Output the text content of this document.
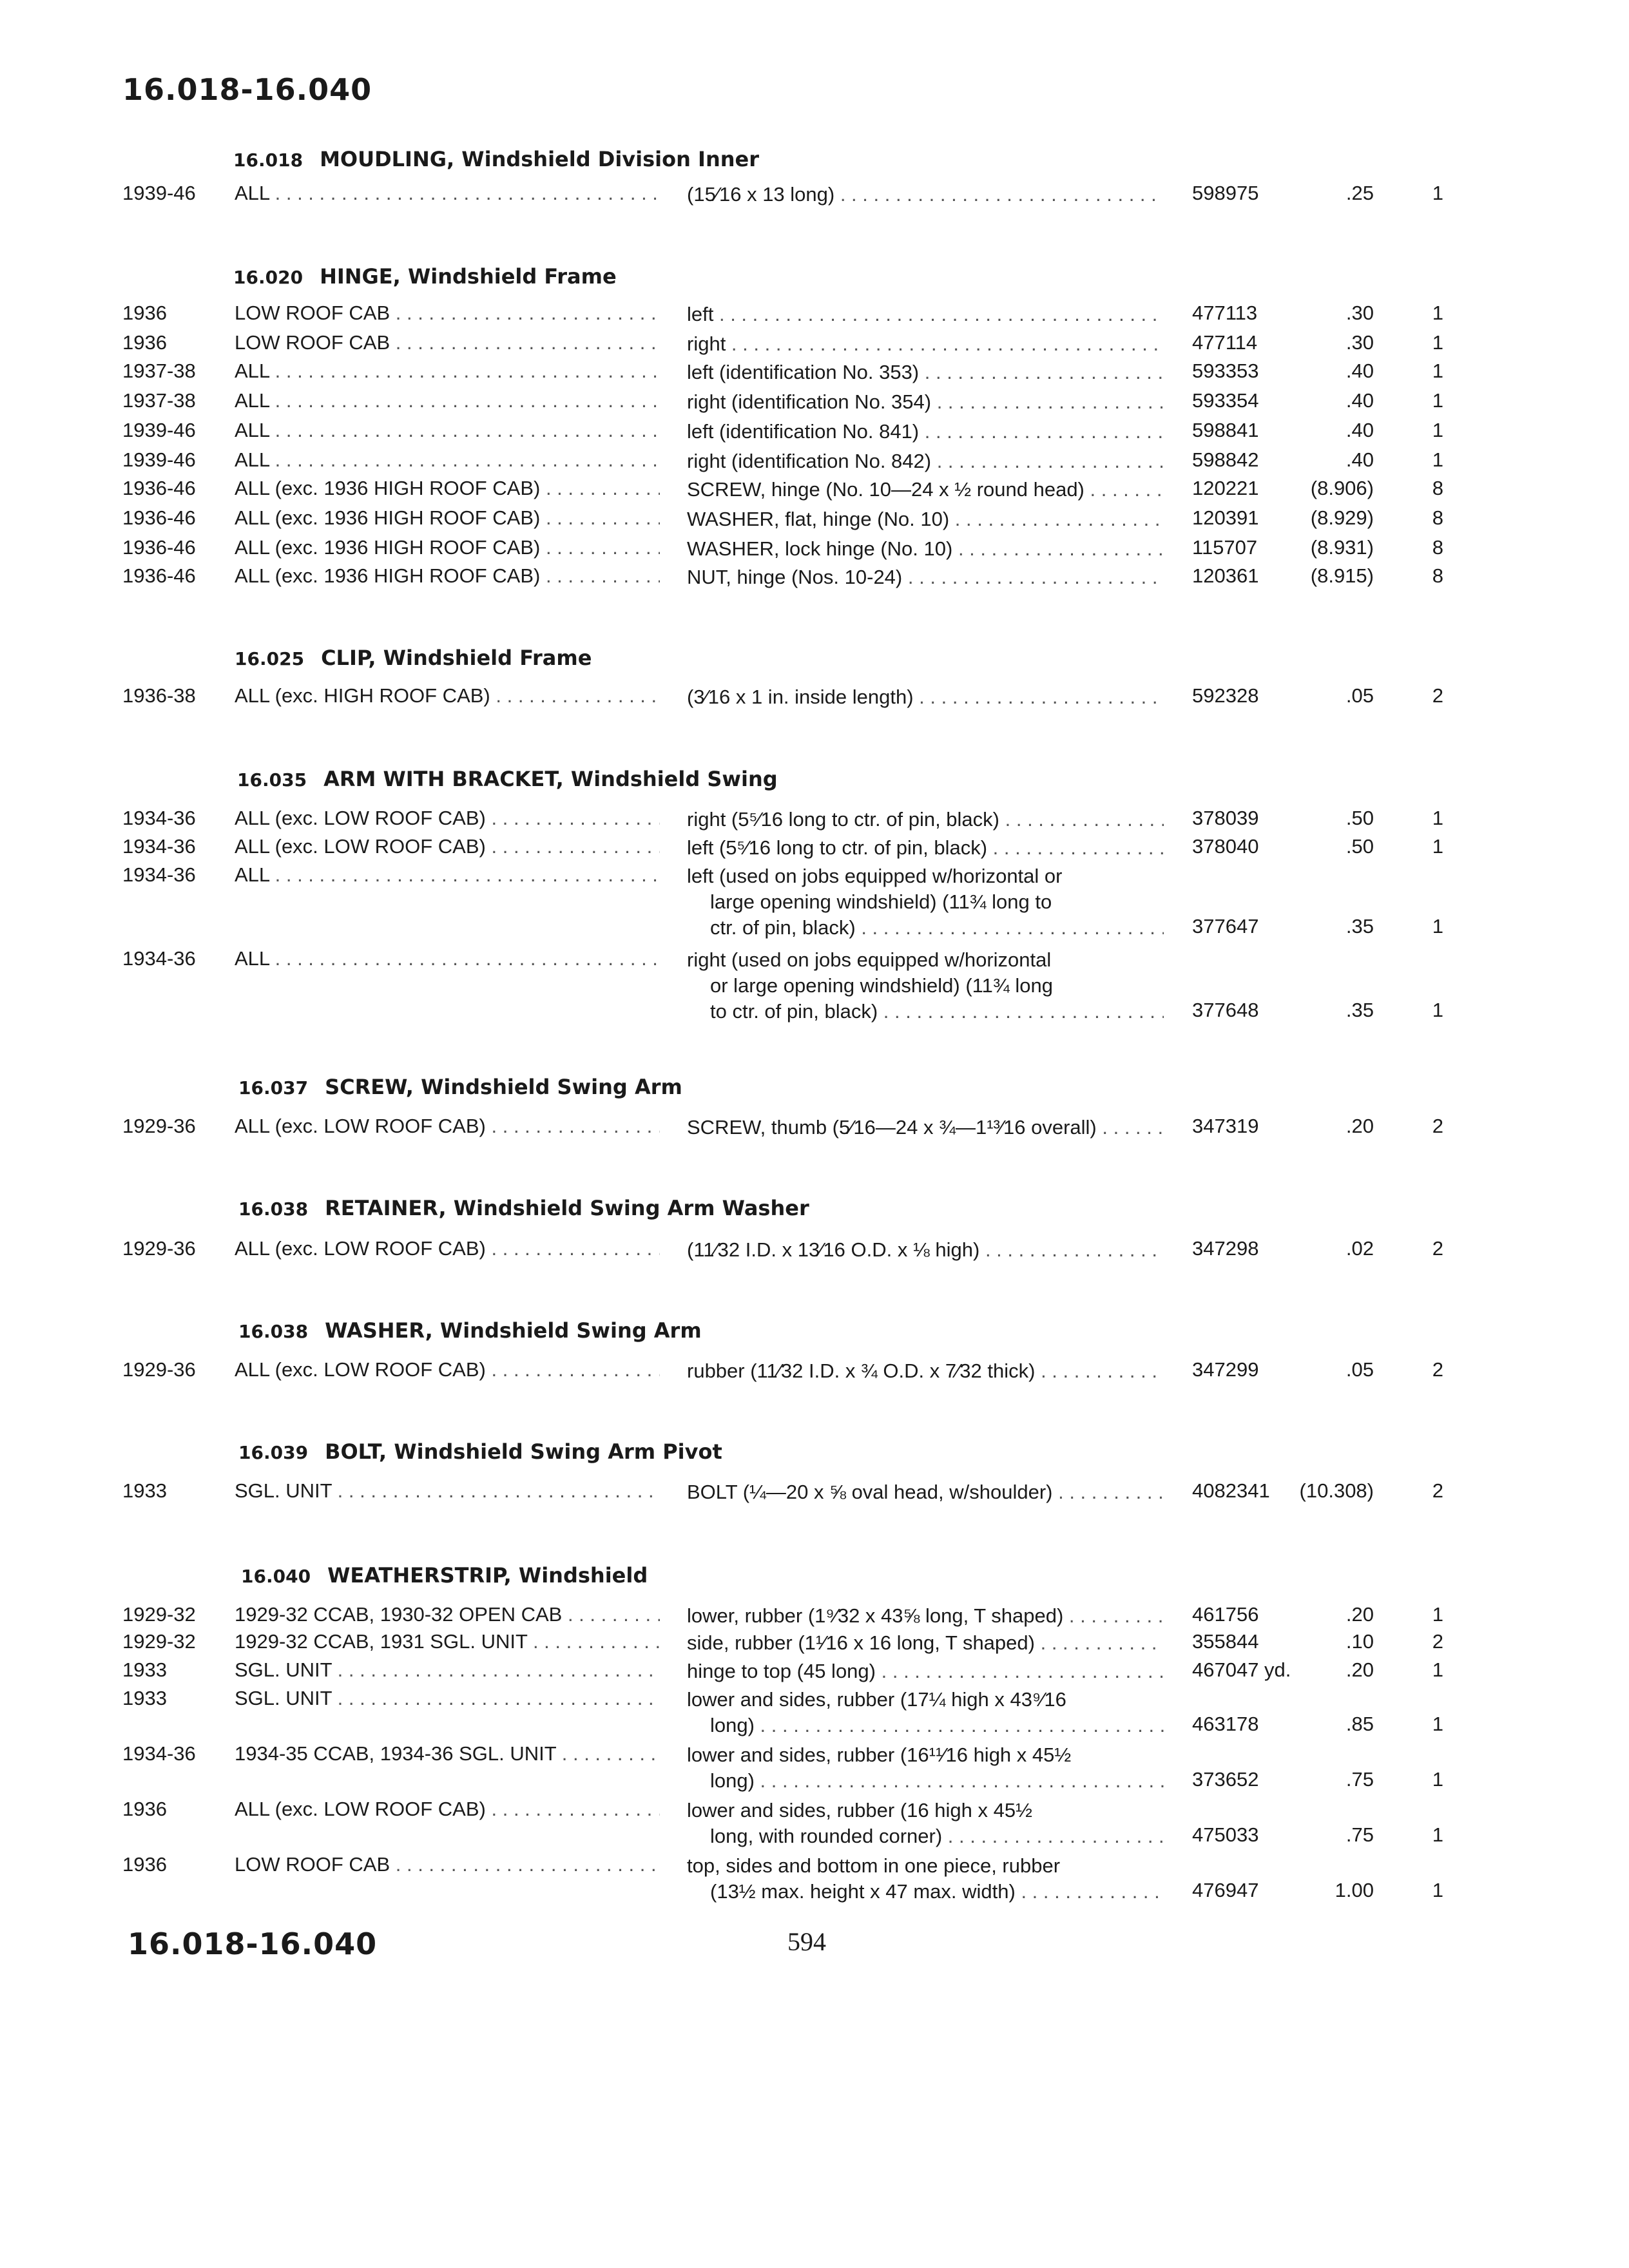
16.018-16.040
16.018 MOUDLING, Windshield Division Inner
1939-46 ALL . . .	(15⁄16 x 13 long) . . .	598975	.25	1
16.020 HINGE, Windshield Frame
1936	LOW ROOF CAB . . .	left . . .	477113	.30	1
1936	LOW ROOF CAB . . .	right . . .	477114	.30	1
1937-38 ALL . . .	left (identification No. 353) . . .	593353	.40	1
1937-38 ALL . . .	right (identification No. 354) . . .	593354	.40	1
1939-46 ALL . . .	left (identification No. 841) . . .	598841	.40	1
1939-46 ALL . . .	right (identification No. 842) . . .	598842	.40	1
1936-46 ALL (exc. 1936 HIGH ROOF CAB) . . .	SCREW, hinge (No. 10—24 x ½ round head) . . .	120221	(8.906)	8
1936-46 ALL (exc. 1936 HIGH ROOF CAB) . . .	WASHER, flat, hinge (No. 10) . . .	120391	(8.929)	8
1936-46 ALL (exc. 1936 HIGH ROOF CAB) . . .	WASHER, lock hinge (No. 10) . . .	115707	(8.931)	8
1936-46 ALL (exc. 1936 HIGH ROOF CAB) . . .	NUT, hinge (Nos. 10-24) . . .	120361	(8.915)	8
16.025 CLIP, Windshield Frame
1936-38 ALL (exc. HIGH ROOF CAB) . . .	(3⁄16 x 1 in. inside length) . . .	592328	.05	2
16.035 ARM WITH BRACKET, Windshield Swing
1934-36 ALL (exc. LOW ROOF CAB) . . .	right (5⁵⁄16 long to ctr. of pin, black) . . .	378039	.50	1
1934-36 ALL (exc. LOW ROOF CAB) . . .	left (5⁵⁄16 long to ctr. of pin, black) . . .	378040	.50	1
1934-36 ALL . . .	left (used on jobs equipped w/horizontal or
large opening windshield) (11¾ long to
ctr. of pin, black) . . .	377647	.35	1
1934-36 ALL . . .	right (used on jobs equipped w/horizontal
or large opening windshield) (11¾ long
to ctr. of pin, black) . . .	377648	.35	1
16.037 SCREW, Windshield Swing Arm
1929-36 ALL (exc. LOW ROOF CAB) . . .	SCREW, thumb (5⁄16—24 x ¾—1¹³⁄16 overall) . . .	347319	.20	2
16.038 RETAINER, Windshield Swing Arm Washer
1929-36 ALL (exc. LOW ROOF CAB) . . .	(11⁄32 I.D. x 13⁄16 O.D. x ⅛ high) . . .	347298	.02	2
16.038 WASHER, Windshield Swing Arm
1929-36 ALL (exc. LOW ROOF CAB) . . .	rubber (11⁄32 I.D. x ¾ O.D. x 7⁄32 thick) . . .	347299	.05	2
16.039 BOLT, Windshield Swing Arm Pivot
1933	SGL. UNIT . . .	BOLT (¼—20 x ⅝ oval head, w/shoulder) . . .	4082341 (10.308)	2
16.040 WEATHERSTRIP, Windshield
1929-32 1929-32 CCAB, 1930-32 OPEN CAB . . .	lower, rubber (1⁹⁄32 x 43⅝ long, T shaped) . . .	461756	.20	1
1929-32 1929-32 CCAB, 1931 SGL. UNIT . . .	side, rubber (1¹⁄16 x 16 long, T shaped) . . .	355844	.10	2
1933	SGL. UNIT . . .	hinge to top (45 long) . . .	467047 yd.	.20	1
1933	SGL. UNIT . . .	lower and sides, rubber (17¼ high x 43⁹⁄16
long) . . .	463178	.85	1
1934-36 1934-35 CCAB, 1934-36 SGL. UNIT . . .	lower and sides, rubber (16¹¹⁄16 high x 45½
long) . . .	373652	.75	1
1936	ALL (exc. LOW ROOF CAB) . . .	lower and sides, rubber (16 high x 45½
long, with rounded corner) . . .	475033	.75	1
1936	LOW ROOF CAB . . .	top, sides and bottom in one piece, rubber
(13½ max. height x 47 max. width) . . .	476947	1.00	1
16.018-16.040	594
